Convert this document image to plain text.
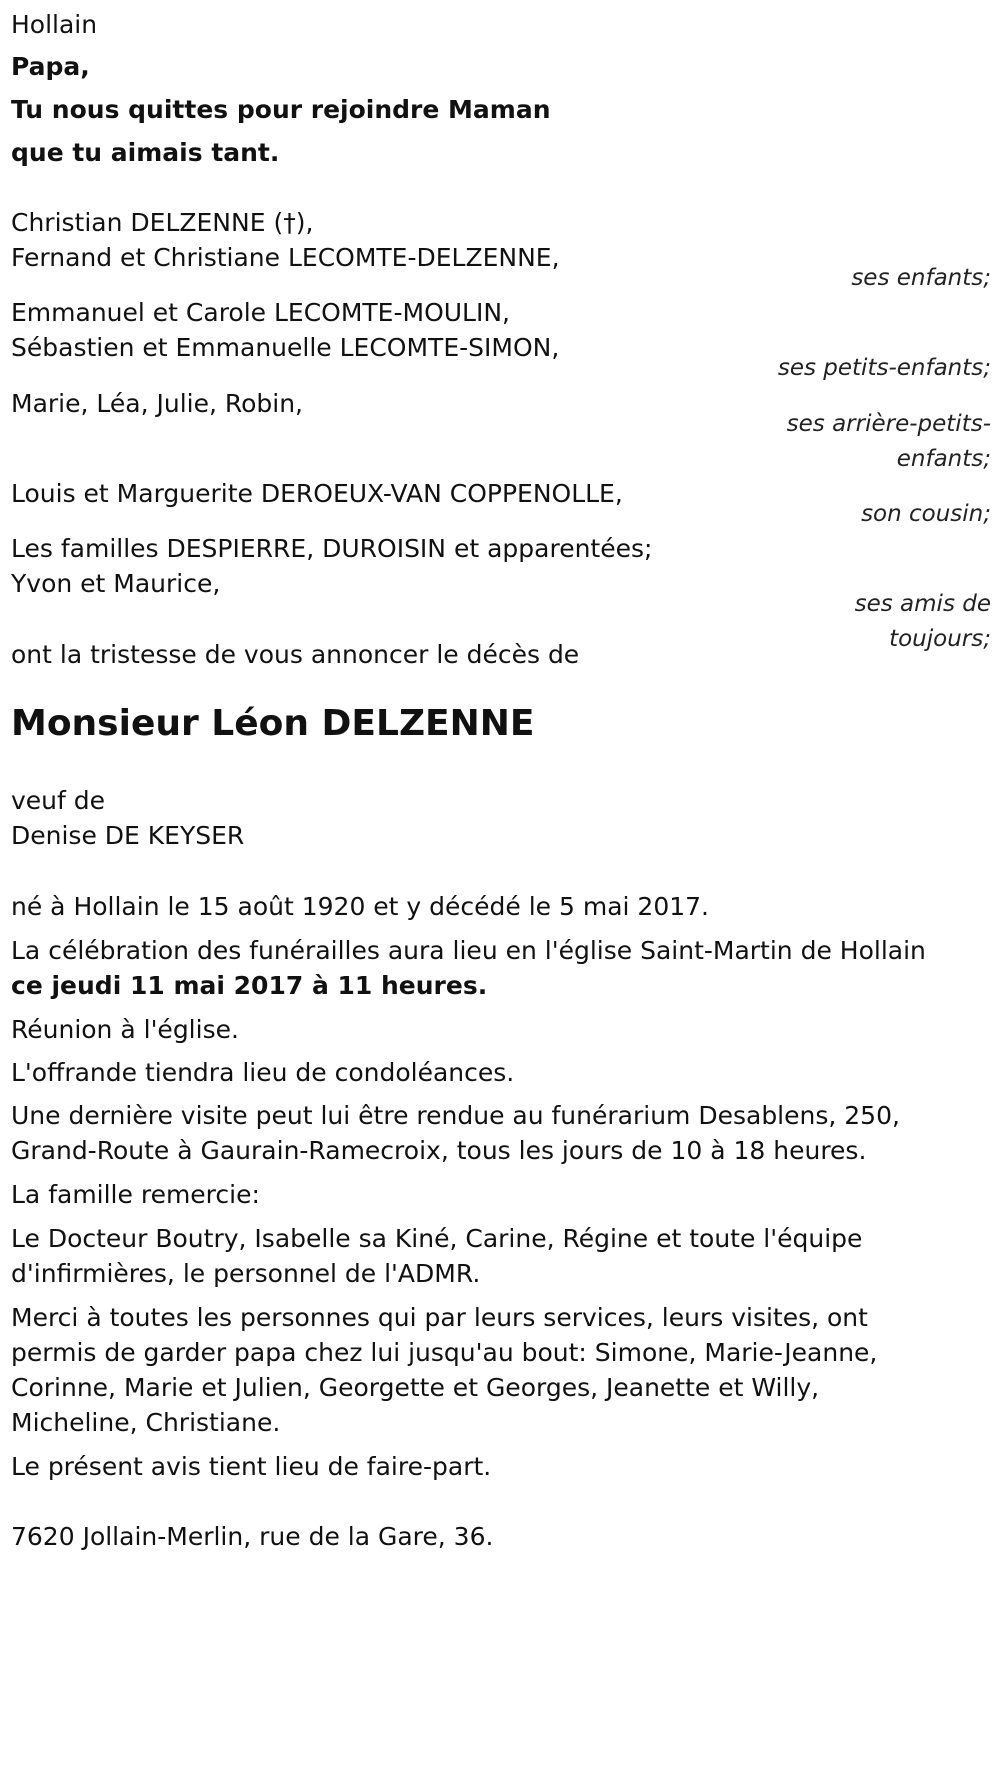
Hollain
Papa,
Tu nous quittes pour rejoindre Maman
que tu aimais tant.
Christian DELZENNE (†),
Fernand et Christiane LECOMTE-DELZENNE,
ses enfants;
Emmanuel et Carole LECOMTE-MOULIN,
Sébastien et Emmanuelle LECOMTE-SIMON,
ses petits-enfants;
Marie, Léa, Julie, Robin,
ses arrière-petits-
enfants;
Louis et Marguerite DEROEUX-VAN COPPENOLLE,
son cousin;
Les familles DESPIERRE, DUROISIN et apparentées;
Yvon et Maurice,
ses amis de
toujours;
ont la tristesse de vous annoncer le décès de
Monsieur Léon DELZENNE
veuf de
Denise DE KEYSER
né à Hollain le 15 août 1920 et y décédé le 5 mai 2017.
La célébration des funérailles aura lieu en l'église Saint-Martin de Hollain
ce jeudi 11 mai 2017 à 11 heures.
Réunion à l'église.
L'offrande tiendra lieu de condoléances.
Une dernière visite peut lui être rendue au funérarium Desablens, 250,
Grand-Route à Gaurain-Ramecroix, tous les jours de 10 à 18 heures.
La famille remercie:
Le Docteur Boutry, Isabelle sa Kiné, Carine, Régine et toute l'équipe
d'infirmières, le personnel de l'ADMR.
Merci à toutes les personnes qui par leurs services, leurs visites, ont
permis de garder papa chez lui jusqu'au bout: Simone, Marie-Jeanne,
Corinne, Marie et Julien, Georgette et Georges, Jeanette et Willy,
Micheline, Christiane.
Le présent avis tient lieu de faire-part.
7620 Jollain-Merlin, rue de la Gare, 36.
